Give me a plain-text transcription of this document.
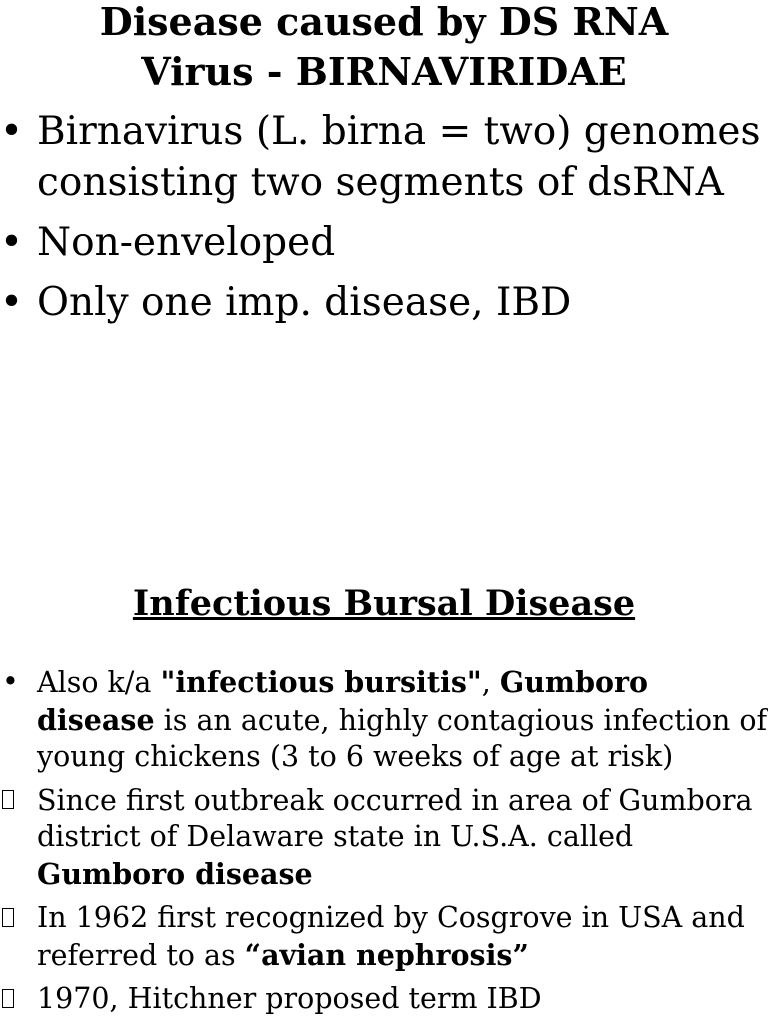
Disease caused by DS RNA
Virus - BIRNAVIRIDAE
• Birnavirus (L. birna = two) genomes consisting two segments of dsRNA
• Non-enveloped
• Only one imp. disease, IBD
Infectious Bursal Disease
• Also k/a "infectious bursitis", Gumboro disease is an acute, highly contagious infection of young chickens (3 to 6 weeks of age at risk)
Since first outbreak occurred in area of Gumbora district of Delaware state in U.S.A. called Gumboro disease
In 1962 first recognized by Cosgrove in USA and referred to as “avian nephrosis”
1970, Hitchner proposed term IBD
